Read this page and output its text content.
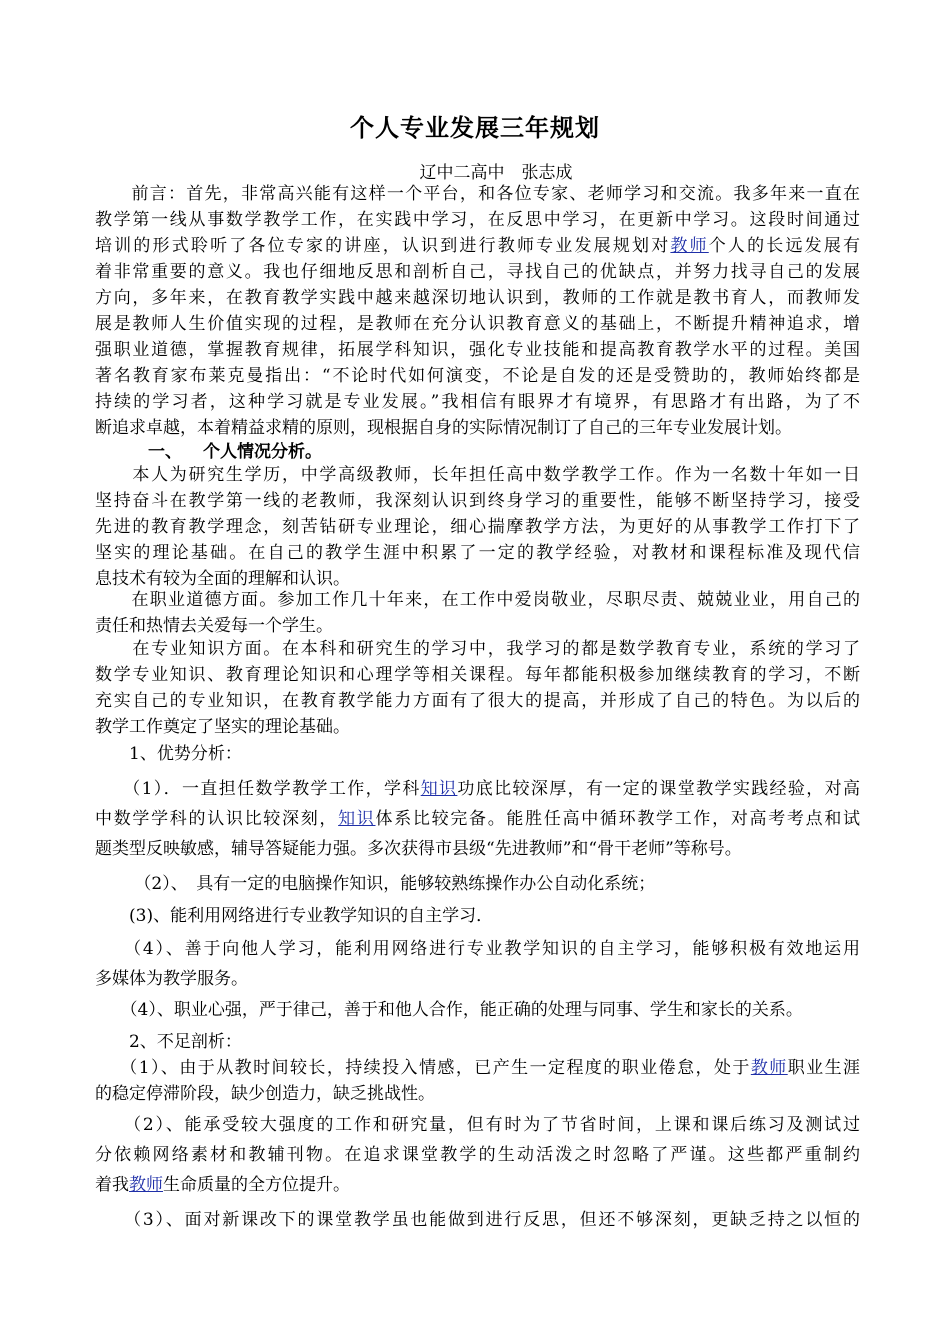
个人专业发展三年规划
辽中二高中　张志成
　　前言：首先，非常高兴能有这样一个平台，和各位专家、老师学习和交流。我多年来一直在
教学第一线从事数学教学工作，在实践中学习，在反思中学习，在更新中学习。这段时间通过
培训的形式聆听了各位专家的讲座，认识到进行教师专业发展规划对教师个人的长远发展有
着非常重要的意义。我也仔细地反思和剖析自己，寻找自己的优缺点，并努力找寻自己的发展
方向，多年来，在教育教学实践中越来越深切地认识到，教师的工作就是教书育人，而教师发
展是教师人生价值实现的过程，是教师在充分认识教育意义的基础上，不断提升精神追求，增
强职业道德，掌握教育规律，拓展学科知识，强化专业技能和提高教育教学水平的过程。美国
著名教育家布莱克曼指出：“不论时代如何演变，不论是自发的还是受赞助的，教师始终都是
持续的学习者，这种学习就是专业发展。”我相信有眼界才有境界，有思路才有出路，为了不
断追求卓越，本着精益求精的原则，现根据自身的实际情况制订了自己的三年专业发展计划。
一、 个人情况分析。
　　本人为研究生学历，中学高级教师，长年担任高中数学教学工作。作为一名数十年如一日
坚持奋斗在教学第一线的老教师，我深刻认识到终身学习的重要性，能够不断坚持学习，接受
先进的教育教学理念，刻苦钻研专业理论，细心揣摩教学方法，为更好的从事教学工作打下了
坚实的理论基础。在自己的教学生涯中积累了一定的教学经验，对教材和课程标准及现代信
息技术有较为全面的理解和认识。
　　在职业道德方面。参加工作几十年来，在工作中爱岗敬业，尽职尽责、兢兢业业，用自己的
责任和热情去关爱每一个学生。
　　在专业知识方面。在本科和研究生的学习中，我学习的都是数学教育专业，系统的学习了
数学专业知识、教育理论知识和心理学等相关课程。每年都能积极参加继续教育的学习，不断
充实自己的专业知识，在教育教学能力方面有了很大的提高，并形成了自己的特色。为以后的
教学工作奠定了坚实的理论基础。
　　1、优势分析：
　　（1）．一直担任数学教学工作，学科知识功底比较深厚，有一定的课堂教学实践经验，对高
中数学学科的认识比较深刻，知识体系比较完备。能胜任高中循环教学工作，对高考考点和试
题类型反映敏感，辅导答疑能力强。多次获得市县级“先进教师”和“骨干老师”等称号。
　　 （2）、　具有一定的电脑操作知识，能够较熟练操作办公自动化系统；
　　(3)、能利用网络进行专业教学知识的自主学习．
　　（4）、善于向他人学习，能利用网络进行专业教学知识的自主学习，能够积极有效地运用
多媒体为教学服务。
　　（4）、职业心强，严于律己，善于和他人合作，能正确的处理与同事、学生和家长的关系。
　　2、不足剖析：
　 （1）、由于从教时间较长，持续投入情感，已产生一定程度的职业倦怠，处于教师职业生涯
的稳定停滞阶段，缺少创造力，缺乏挑战性。
　　（2）、能承受较大强度的工作和研究量，但有时为了节省时间，上课和课后练习及测试过
分依赖网络素材和教辅刊物。在追求课堂教学的生动活泼之时忽略了严谨。这些都严重制约
着我教师生命质量的全方位提升。
　　（3）、面对新课改下的课堂教学虽也能做到进行反思，但还不够深刻，更缺乏持之以恒的
